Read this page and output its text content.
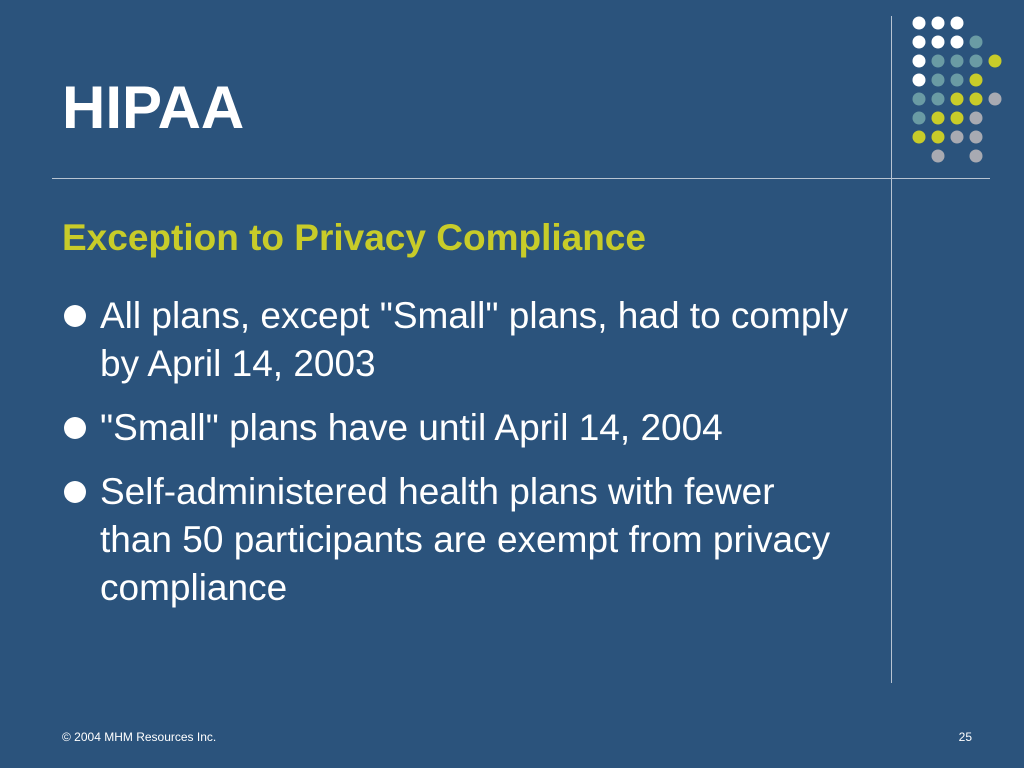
HIPAA
Exception to Privacy Compliance
All plans, except "Small" plans, had to comply by April 14, 2003
"Small" plans have until April 14, 2004
Self-administered health plans with fewer than 50 participants are exempt from privacy compliance
© 2004 MHM Resources Inc.	25
